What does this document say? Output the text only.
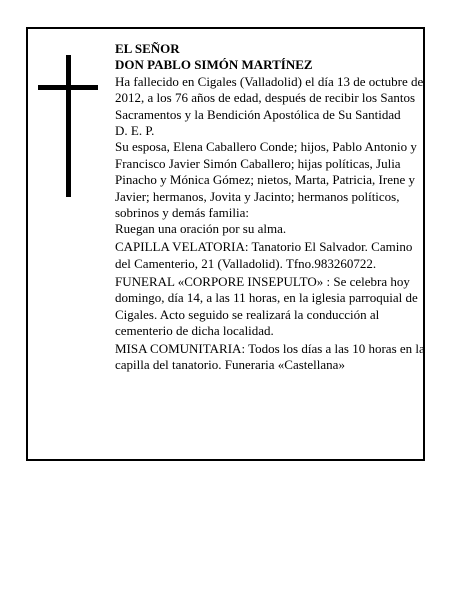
EL SEÑOR

DON PABLO SIMÓN MARTÍNEZ

Ha fallecido en Cigales (Valladolid) el día 13 de octubre de 2012, a los 76 años de edad, después de recibir los Santos Sacramentos y la Bendición Apostólica de Su Santidad

D. E. P.

Su esposa, Elena Caballero Conde; hijos, Pablo Antonio y Francisco Javier Simón Caballero; hijas políticas, Julia Pinacho y Mónica Gómez; nietos, Marta, Patricia, Irene y Javier; hermanos, Jovita y Jacinto; hermanos políticos, sobrinos y demás familia:

Ruegan una oración por su alma.

CAPILLA VELATORIA: Tanatorio El Salvador. Camino del Camenterio, 21 (Valladolid). Tfno.983260722.

FUNERAL «CORPORE INSEPULTO» : Se celebra hoy domingo, día 14, a las 11 horas, en la iglesia parroquial de Cigales. Acto seguido se realizará la conducción al cementerio de dicha localidad.

MISA COMUNITARIA: Todos los días a las 10 horas en la capilla del tanatorio. Funeraria «Castellana»
